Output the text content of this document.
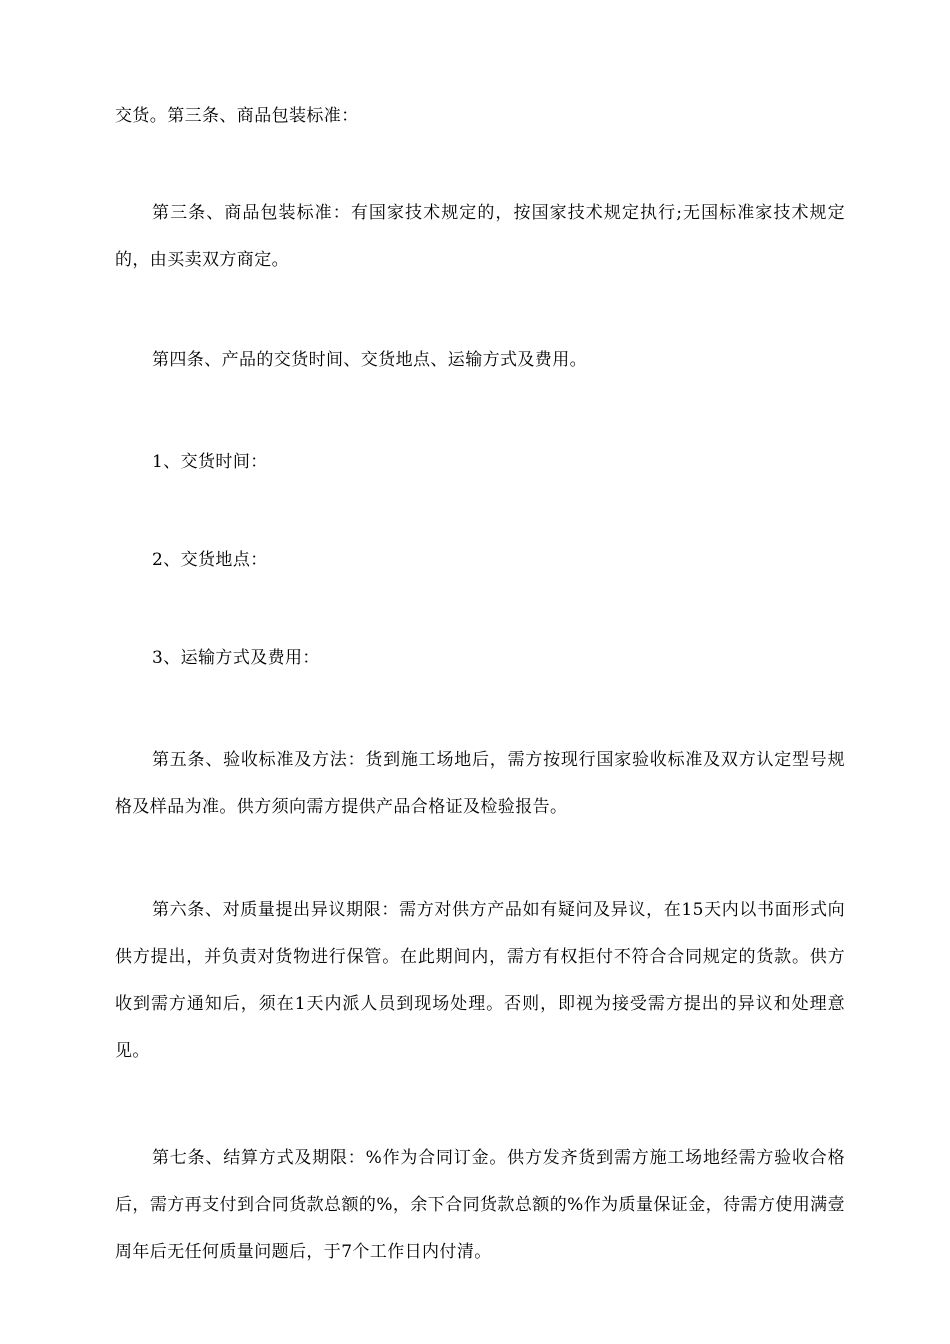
交货。第三条、商品包装标准：

第三条、商品包装标准：有国家技术规定的，按国家技术规定执行;无国标准家技术规定的，由买卖双方商定。

第四条、产品的交货时间、交货地点、运输方式及费用。

1、交货时间：

2、交货地点：

3、运输方式及费用：

第五条、验收标准及方法：货到施工场地后，需方按现行国家验收标准及双方认定型号规格及样品为准。供方须向需方提供产品合格证及检验报告。

第六条、对质量提出异议期限：需方对供方产品如有疑问及异议，在15天内以书面形式向供方提出，并负责对货物进行保管。在此期间内，需方有权拒付不符合合同规定的货款。供方收到需方通知后，须在1天内派人员到现场处理。否则，即视为接受需方提出的异议和处理意见。

第七条、结算方式及期限：%作为合同订金。供方发齐货到需方施工场地经需方验收合格后，需方再支付到合同货款总额的%，余下合同货款总额的%作为质量保证金，待需方使用满壹周年后无任何质量问题后，于7个工作日内付清。
